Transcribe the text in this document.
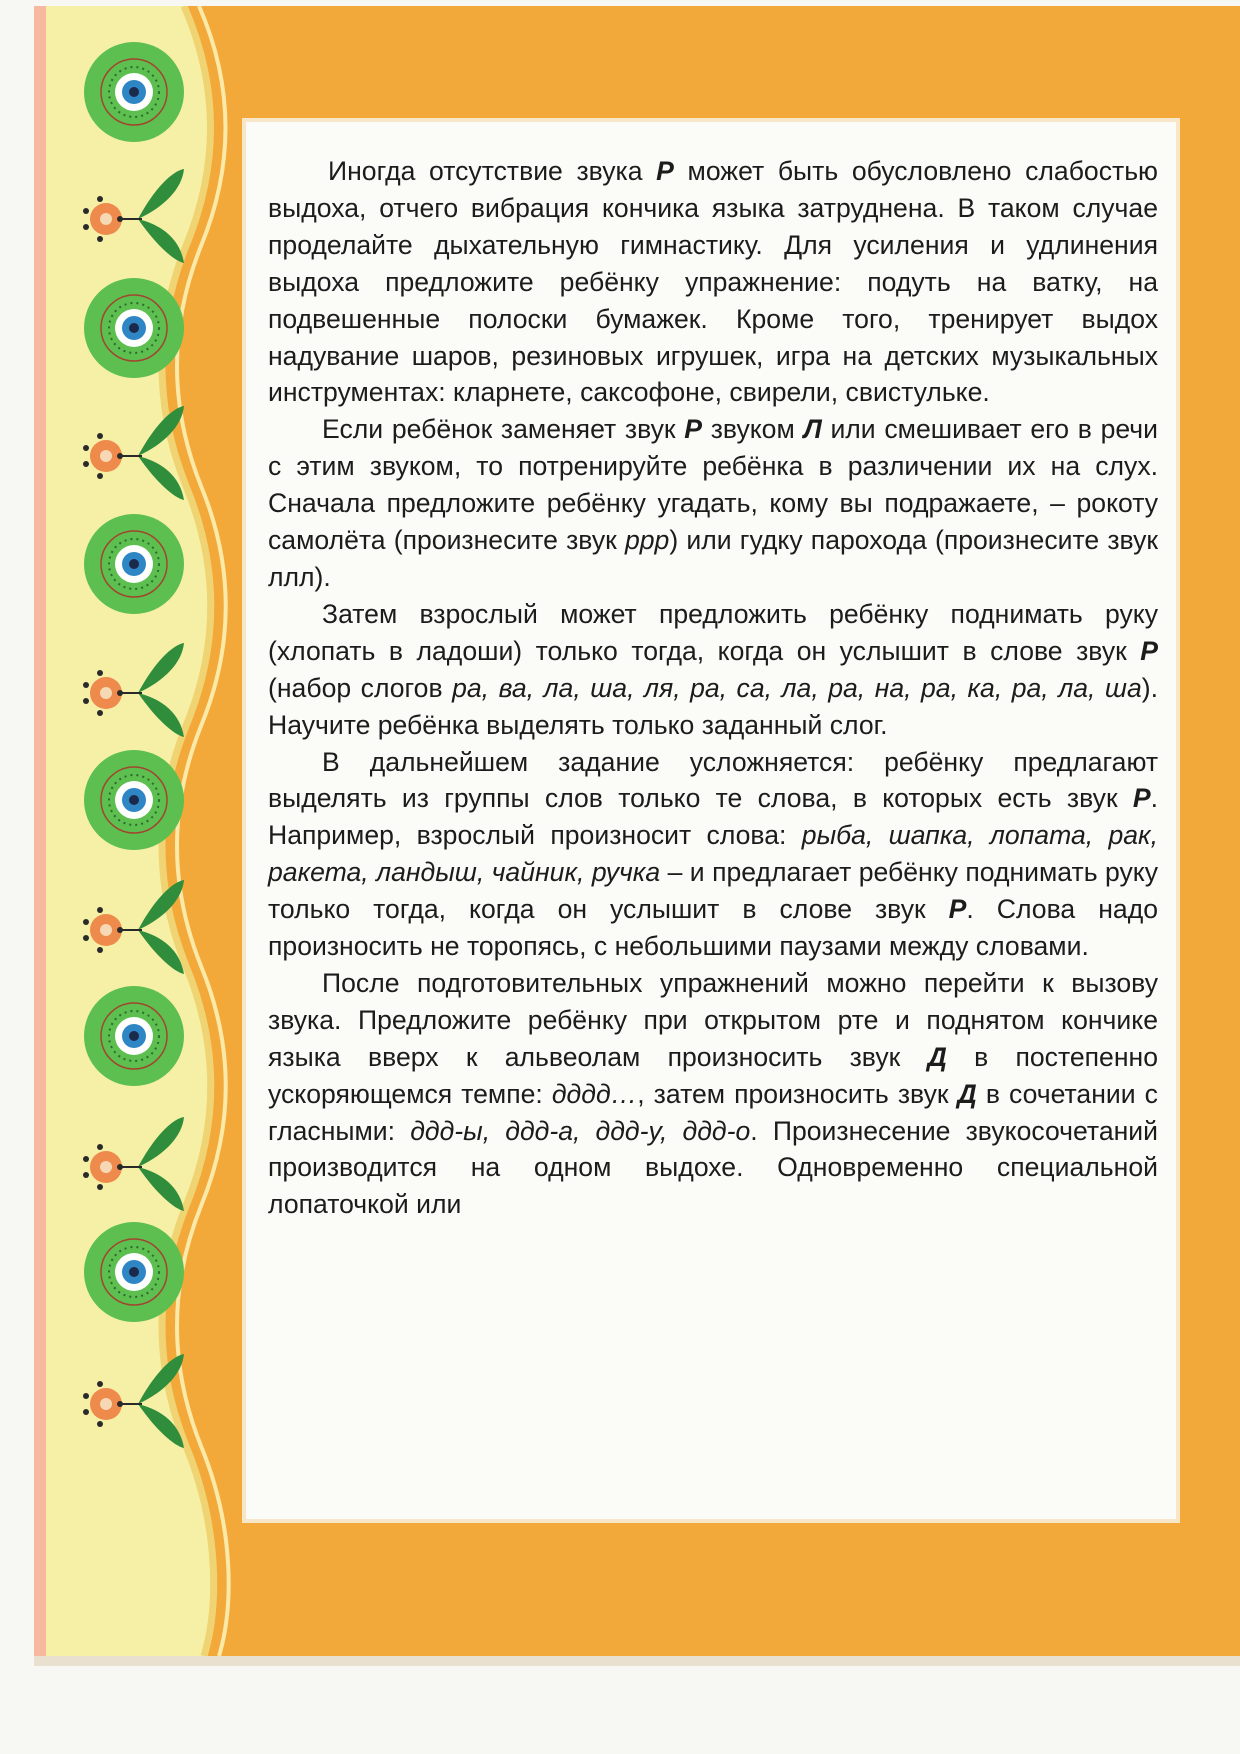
Иногда отсутствие звука Р может быть обусловлено слабостью выдоха, отчего вибрация кончика языка затруднена. В таком случае проделайте дыхательную гимнастику. Для усиления и удлинения выдоха предложите ребёнку упражнение: подуть на ватку, на подвешенные полоски бумажек. Кроме того, тренирует выдох надувание шаров, резиновых игрушек, игра на детских музыкальных инструментах: кларнете, саксофоне, свирели, свистульке.

Если ребёнок заменяет звук Р звуком Л или смешивает его в речи с этим звуком, то потренируйте ребёнка в различении их на слух. Сначала предложите ребёнку угадать, кому вы подражаете, – рокоту самолёта (произнесите звук ррр) или гудку парохода (произнесите звук ллл).

Затем взрослый может предложить ребёнку поднимать руку (хлопать в ладоши) только тогда, когда он услышит в слове звук Р (набор слогов ра, ва, ла, ша, ля, ра, са, ла, ра, на, ра, ка, ра, ла, ша). Научите ребёнка выделять только заданный слог.

В дальнейшем задание усложняется: ребёнку предлагают выделять из группы слов только те слова, в которых есть звук Р. Например, взрослый произносит слова: рыба, шапка, лопата, рак, ракета, ландыш, чайник, ручка – и предлагает ребёнку поднимать руку только тогда, когда он услышит в слове звук Р. Слова надо произносить не торопясь, с небольшими паузами между словами.

После подготовительных упражнений можно перейти к вызову звука. Предложите ребёнку при открытом рте и поднятом кончике языка вверх к альвеолам произносить звук Д в постепенно ускоряющемся темпе: дддд…, затем произносить звук Д в сочетании с гласными: ддд-ы, ддд-а, ддд-у, ддд-о. Произнесение звукосочетаний производится на одном выдохе. Одновременно специальной лопаточкой или
